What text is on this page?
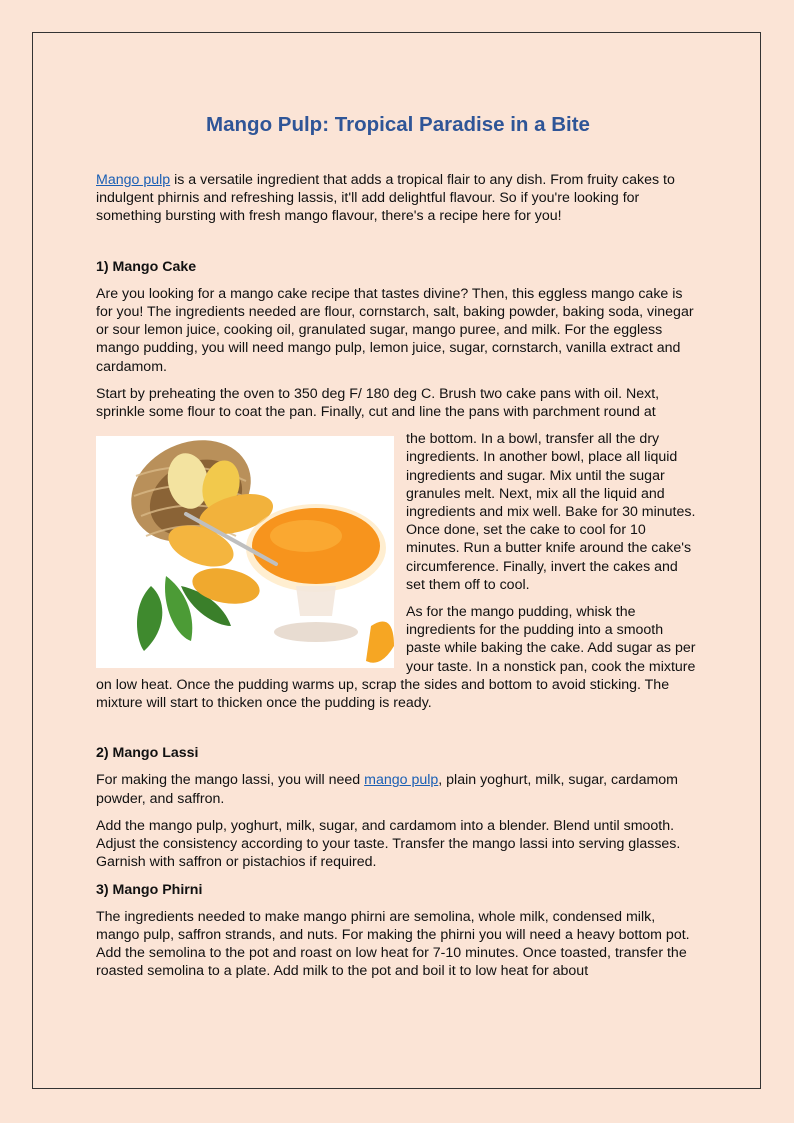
Mango Pulp: Tropical Paradise in a Bite

Mango pulp is a versatile ingredient that adds a tropical flair to any dish. From fruity cakes to indulgent phirnis and refreshing lassis, it'll add delightful flavour. So if you're looking for something bursting with fresh mango flavour, there's a recipe here for you!

1) Mango Cake

Are you looking for a mango cake recipe that tastes divine? Then, this eggless mango cake is for you! The ingredients needed are flour, cornstarch, salt, baking powder, baking soda, vinegar or sour lemon juice, cooking oil, granulated sugar, mango puree, and milk. For the eggless mango pudding, you will need mango pulp, lemon juice, sugar, cornstarch, vanilla extract and cardamom.

Start by preheating the oven to 350 deg F/ 180 deg C. Brush two cake pans with oil. Next, sprinkle some flour to coat the pan. Finally, cut and line the pans with parchment round at

the bottom. In a bowl, transfer all the dry ingredients. In another bowl, place all liquid ingredients and sugar. Mix until the sugar granules melt. Next, mix all the liquid and ingredients and mix well. Bake for 30 minutes. Once done, set the cake to cool for 10 minutes. Run a butter knife around the cake's circumference. Finally, invert the cakes and set them off to cool.

As for the mango pudding, whisk the ingredients for the pudding into a smooth paste while baking the cake. Add sugar as per your taste. In a nonstick pan, cook the mixture on low heat. Once the pudding warms up, scrap the sides and bottom to avoid sticking. The mixture will start to thicken once the pudding is ready.

2) Mango Lassi

For making the mango lassi, you will need mango pulp, plain yoghurt, milk, sugar, cardamom powder, and saffron.

Add the mango pulp, yoghurt, milk, sugar, and cardamom into a blender. Blend until smooth. Adjust the consistency according to your taste. Transfer the mango lassi into serving glasses. Garnish with saffron or pistachios if required.

3) Mango Phirni

The ingredients needed to make mango phirni are semolina, whole milk, condensed milk, mango pulp, saffron strands, and nuts. For making the phirni you will need a heavy bottom pot. Add the semolina to the pot and roast on low heat for 7-10 minutes. Once toasted, transfer the roasted semolina to a plate. Add milk to the pot and boil it to low heat for about
